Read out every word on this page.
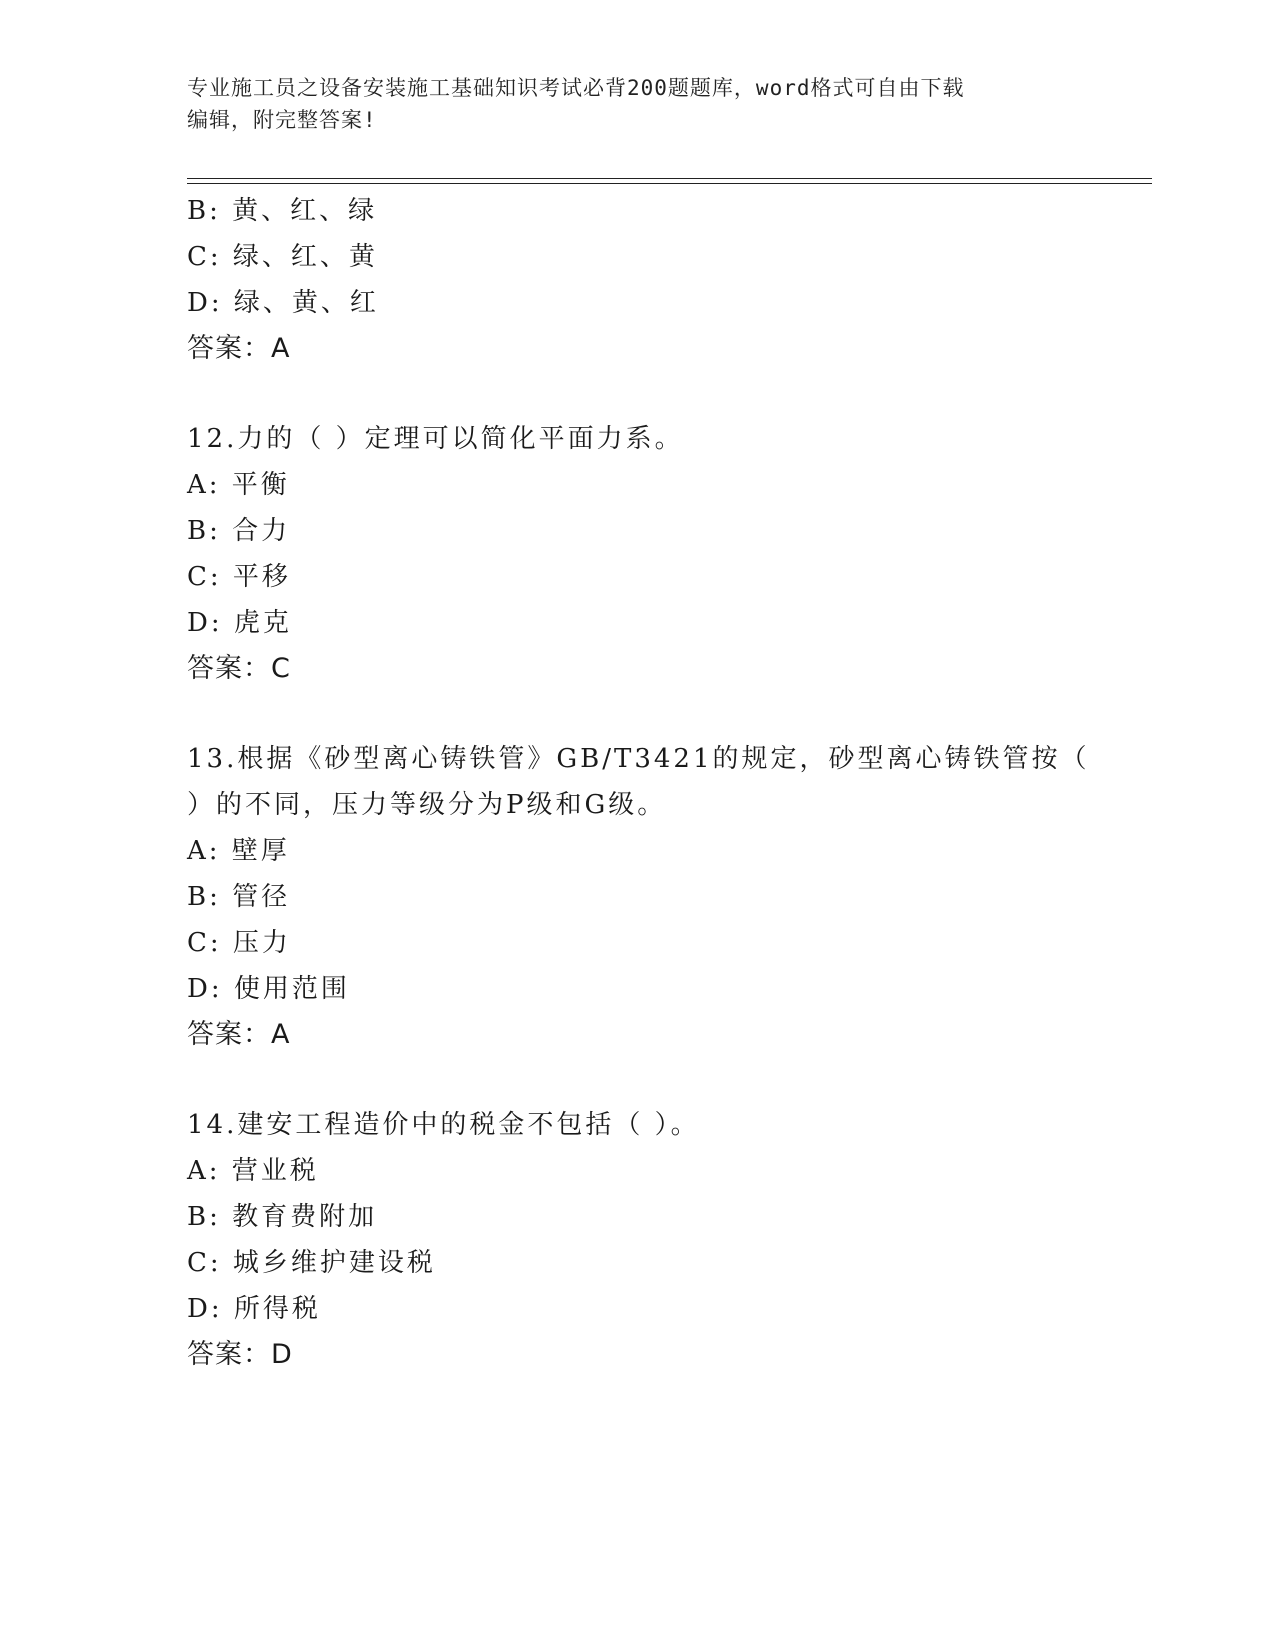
专业施工员之设备安装施工基础知识考试必背200题题库，word格式可自由下载
编辑，附完整答案!
B: 黄、红、绿
C: 绿、红、黄
D: 绿、黄、红
答案：A
12.力的（ ）定理可以简化平面力系。
A: 平衡
B: 合力
C: 平移
D: 虎克
答案：C
13.根据《砂型离心铸铁管》GB/T3421的规定，砂型离心铸铁管按（
）的不同，压力等级分为P级和G级。
A: 壁厚
B: 管径
C: 压力
D: 使用范围
答案：A
14.建安工程造价中的税金不包括（ ）。
A: 营业税
B: 教育费附加
C: 城乡维护建设税
D: 所得税
答案：D
